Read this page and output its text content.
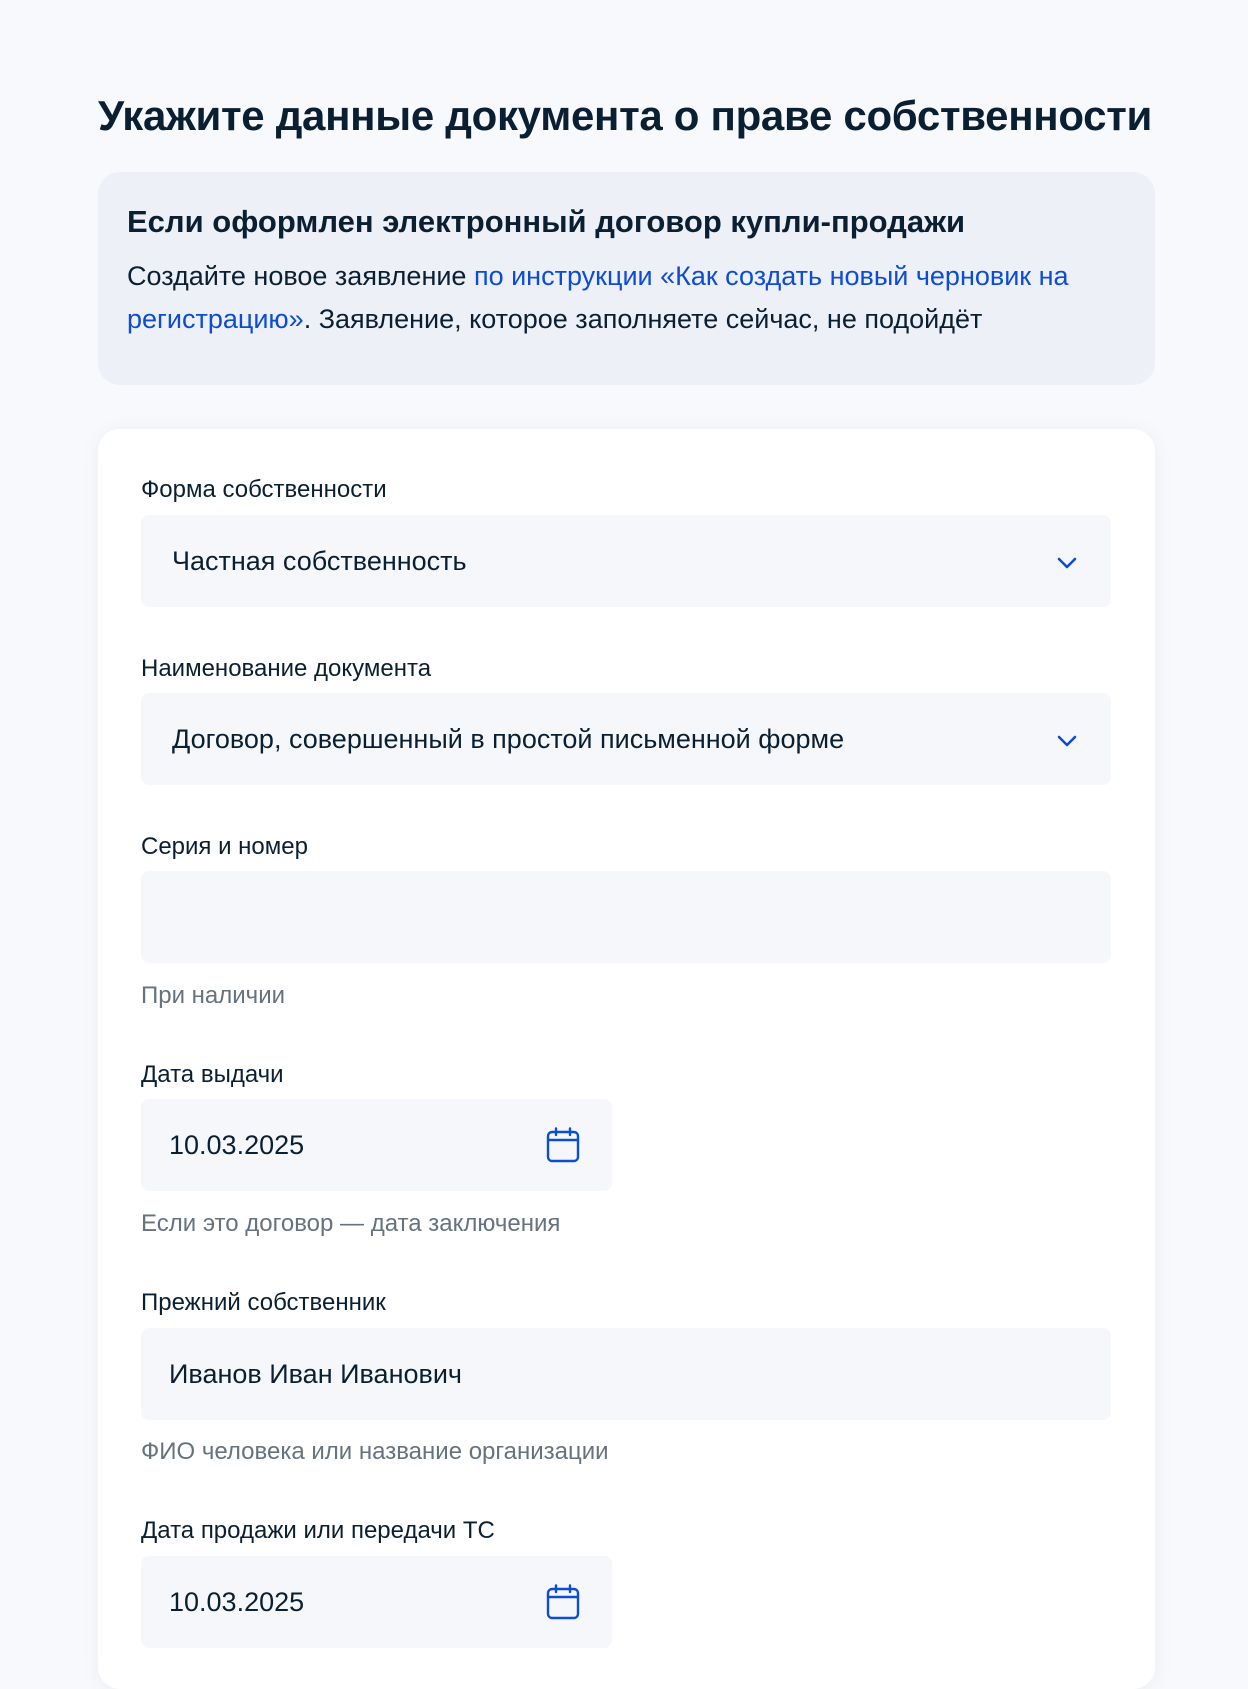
Укажите данные документа о праве собственности
Если оформлен электронный договор купли-продажи

Создайте новое заявление по инструкции «Как создать новый черновик на регистрацию». Заявление, которое заполняете сейчас, не подойдёт

Форма собственности
Частная собственность
Наименование документа
Договор, совершенный в простой письменной форме
Серия и номер
При наличии
Дата выдачи
10.03.2025
Если это договор — дата заключения
Прежний собственник
Иванов Иван Иванович
ФИО человека или название организации
Дата продажи или передачи ТС
10.03.2025
